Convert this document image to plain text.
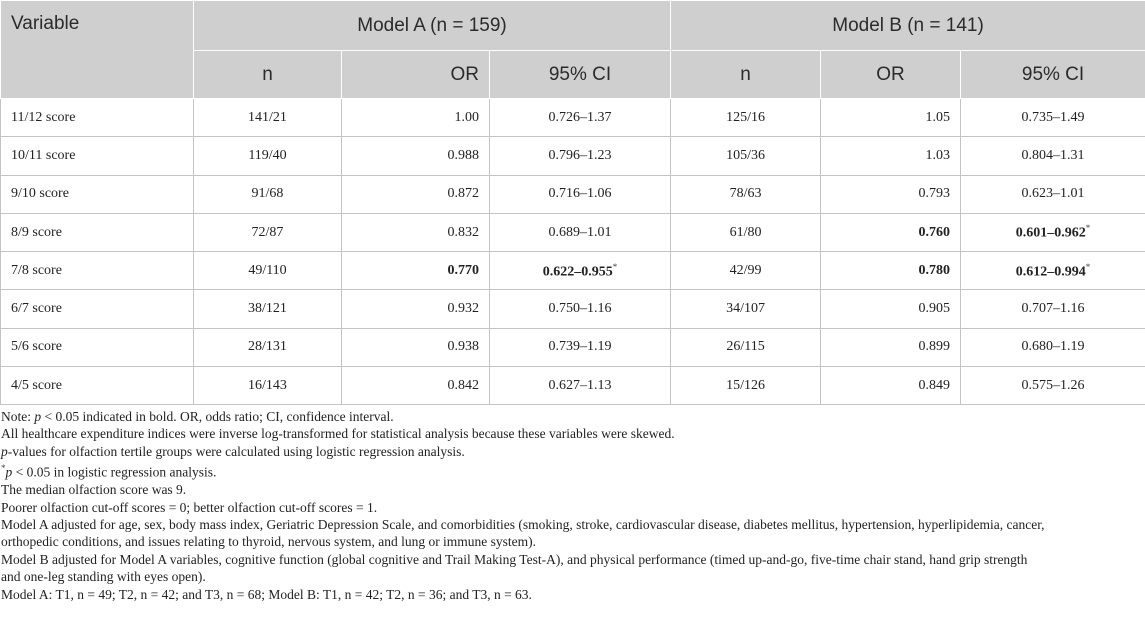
Variable	Model A (n = 159)			Model B (n = 141)		
	n	OR	95% CI	n	OR	95% CI
11/12 score	141/21	1.00	0.726–1.37	125/16	1.05	0.735–1.49
10/11 score	119/40	0.988	0.796–1.23	105/36	1.03	0.804–1.31
9/10 score	91/68	0.872	0.716–1.06	78/63	0.793	0.623–1.01
8/9 score	72/87	0.832	0.689–1.01	61/80	0.760	0.601–0.962*
7/8 score	49/110	0.770	0.622–0.955*	42/99	0.780	0.612–0.994*
6/7 score	38/121	0.932	0.750–1.16	34/107	0.905	0.707–1.16
5/6 score	28/131	0.938	0.739–1.19	26/115	0.899	0.680–1.19
4/5 score	16/143	0.842	0.627–1.13	15/126	0.849	0.575–1.26
Note: p < 0.05 indicated in bold. OR, odds ratio; CI, confidence interval.
All healthcare expenditure indices were inverse log-transformed for statistical analysis because these variables were skewed.
p-values for olfaction tertile groups were calculated using logistic regression analysis.
*p < 0.05 in logistic regression analysis.
The median olfaction score was 9.
Poorer olfaction cut-off scores = 0; better olfaction cut-off scores = 1.
Model A adjusted for age, sex, body mass index, Geriatric Depression Scale, and comorbidities (smoking, stroke, cardiovascular disease, diabetes mellitus, hypertension, hyperlipidemia, cancer,
orthopedic conditions, and issues relating to thyroid, nervous system, and lung or immune system).
Model B adjusted for Model A variables, cognitive function (global cognitive and Trail Making Test-A), and physical performance (timed up-and-go, five-time chair stand, hand grip strength
and one-leg standing with eyes open).
Model A: T1, n = 49; T2, n = 42; and T3, n = 68; Model B: T1, n = 42; T2, n = 36; and T3, n = 63.
